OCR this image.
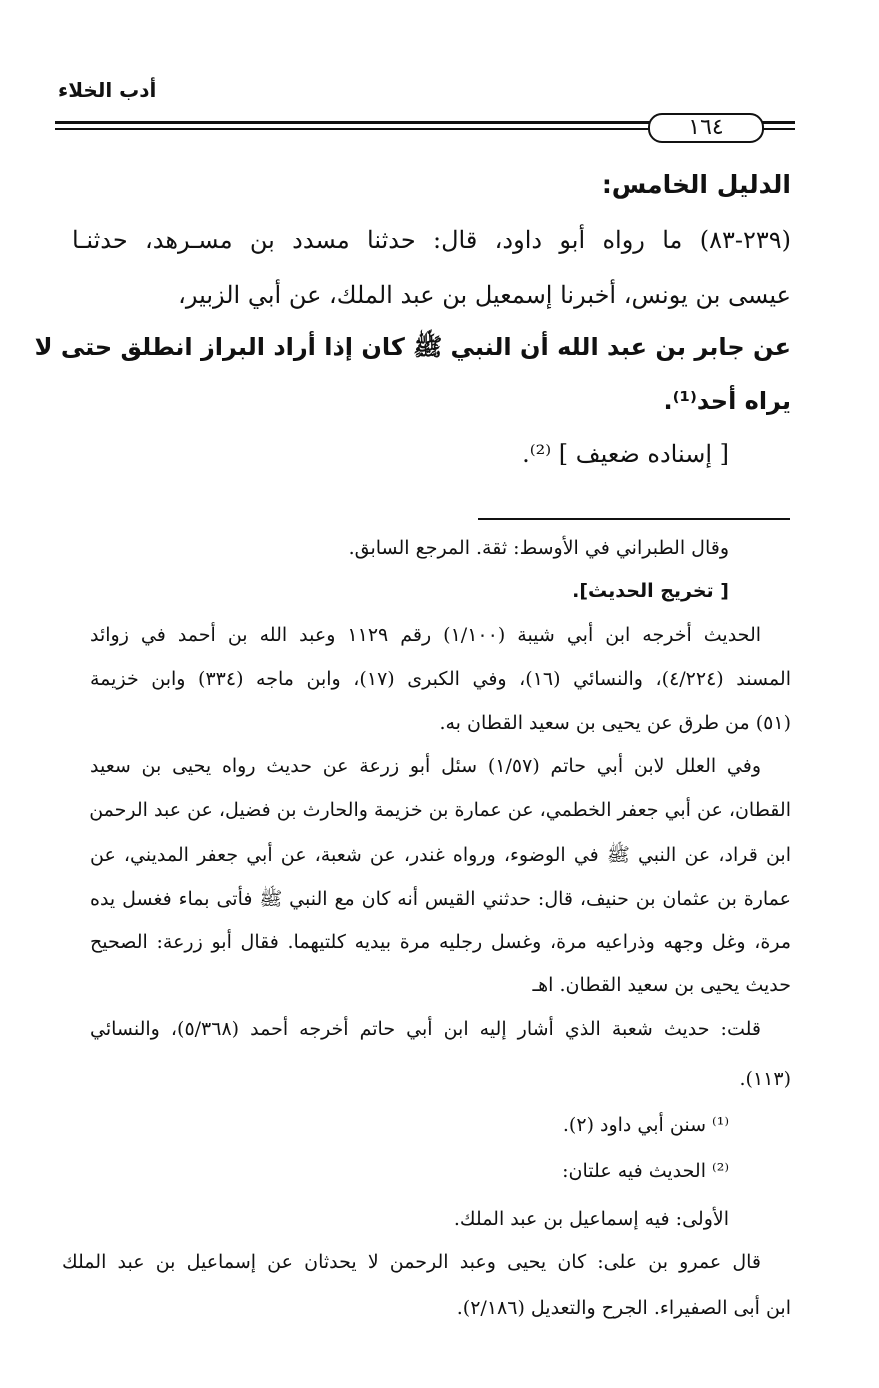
أدب الخلاء
١٦٤
الدليل الخامس:
(٢٣٩-٨٣) ما رواه أبو داود، قال: حدثنا مسدد بن مسـرهد، حدثنـا
عيسى بن يونس، أخبرنا إسمعيل بن عبد الملك، عن أبي الزبير،
عن جابر بن عبد الله أن النبي ﷺ كان إذا أراد البراز انطلق حتى لا
يراه أحد⁽¹⁾.
[ إسناده ضعيف ] ⁽²⁾.
وقال الطبراني في الأوسط: ثقة. المرجع السابق.
[ تخريج الحديث].
الحديث أخرجه ابن أبي شيبة (١/١٠٠) رقم ١١٢٩ وعبد الله بن أحمد في زوائد
المسند (٤/٢٢٤)، والنسائي (١٦)، وفي الكبرى (١٧)، وابن ماجه (٣٣٤) وابن خزيمة
(٥١) من طرق عن يحيى بن سعيد القطان به.
وفي العلل لابن أبي حاتم (١/٥٧) سئل أبو زرعة عن حديث رواه يحيى بن سعيد
القطان، عن أبي جعفر الخطمي، عن عمارة بن خزيمة والحارث بن فضيل، عن عبد الرحمن
ابن قراد، عن النبي ﷺ في الوضوء، ورواه غندر، عن شعبة، عن أبي جعفر المديني، عن
عمارة بن عثمان بن حنيف، قال: حدثني القيس أنه كان مع النبي ﷺ فأتى بماء فغسل يده
مرة، وغل وجهه وذراعيه مرة، وغسل رجليه مرة بيديه كلتيهما. فقال أبو زرعة: الصحيح
حديث يحيى بن سعيد القطان. اهـ
قلت: حديث شعبة الذي أشار إليه ابن أبي حاتم أخرجه أحمد (٥/٣٦٨)، والنسائي
(١١٣).
⁽¹⁾ سنن أبي داود (٢).
⁽²⁾ الحديث فيه علتان:
الأولى: فيه إسماعيل بن عبد الملك.
قال عمرو بن على: كان يحيى وعبد الرحمن لا يحدثان عن إسماعيل بن عبد الملك
ابن أبى الصفيراء. الجرح والتعديل (٢/١٨٦).
